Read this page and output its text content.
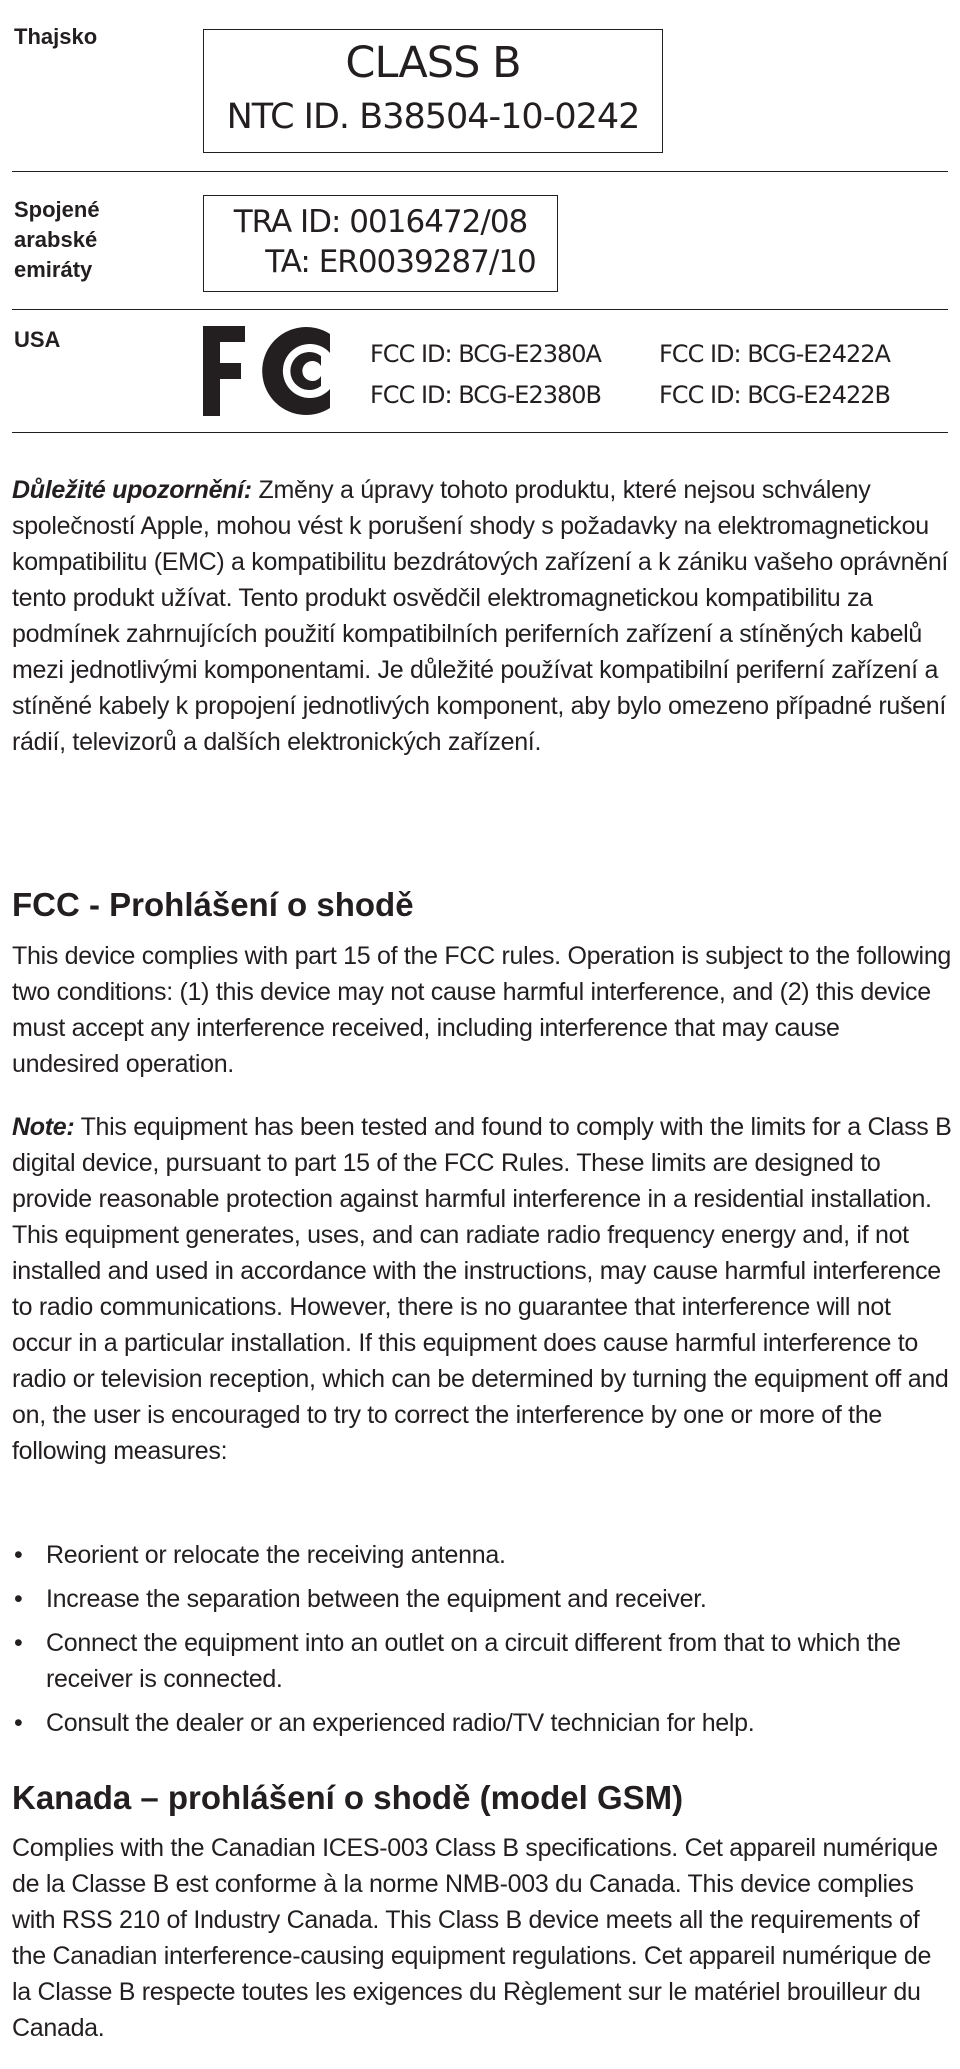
Thajsko
CLASS B
NTC ID. B38504-10-0242
Spojené
arabské
emiráty
TRA ID: 0016472/08
TA: ER0039287/10
USA
FCC ID: BCG-E2380A FCC ID: BCG-E2422A
FCC ID: BCG-E2380B FCC ID: BCG-E2422B
Důležité upozornění: Změny a úpravy tohoto produktu, které nejsou schváleny společností Apple, mohou vést k porušení shody s požadavky na elektromagnetickou kompatibilitu (EMC) a kompatibilitu bezdrátových zařízení a k zániku vašeho oprávnění tento produkt užívat. Tento produkt osvědčil elektromagnetickou kompatibilitu za podmínek zahrnujících použití kompatibilních periferních zařízení a stíněných kabelů mezi jednotlivými komponentami. Je důležité používat kompatibilní periferní zařízení a stíněné kabely k propojení jednotlivých komponent, aby bylo omezeno případné rušení rádií, televizorů a dalších elektronických zařízení.
FCC - Prohlášení o shodě
This device complies with part 15 of the FCC rules. Operation is subject to the following two conditions: (1) this device may not cause harmful interference, and (2) this device must accept any interference received, including interference that may cause undesired operation.
Note: This equipment has been tested and found to comply with the limits for a Class B digital device, pursuant to part 15 of the FCC Rules. These limits are designed to provide reasonable protection against harmful interference in a residential installation. This equipment generates, uses, and can radiate radio frequency energy and, if not installed and used in accordance with the instructions, may cause harmful interference to radio communications. However, there is no guarantee that interference will not occur in a particular installation. If this equipment does cause harmful interference to radio or television reception, which can be determined by turning the equipment off and on, the user is encouraged to try to correct the interference by one or more of the following measures:
• Reorient or relocate the receiving antenna.
• Increase the separation between the equipment and receiver.
• Connect the equipment into an outlet on a circuit different from that to which the receiver is connected.
• Consult the dealer or an experienced radio/TV technician for help.
Kanada – prohlášení o shodě (model GSM)
Complies with the Canadian ICES-003 Class B specifications. Cet appareil numérique de la Classe B est conforme à la norme NMB-003 du Canada. This device complies with RSS 210 of Industry Canada. This Class B device meets all the requirements of the Canadian interference-causing equipment regulations. Cet appareil numérique de la Classe B respecte toutes les exigences du Règlement sur le matériel brouilleur du Canada.
